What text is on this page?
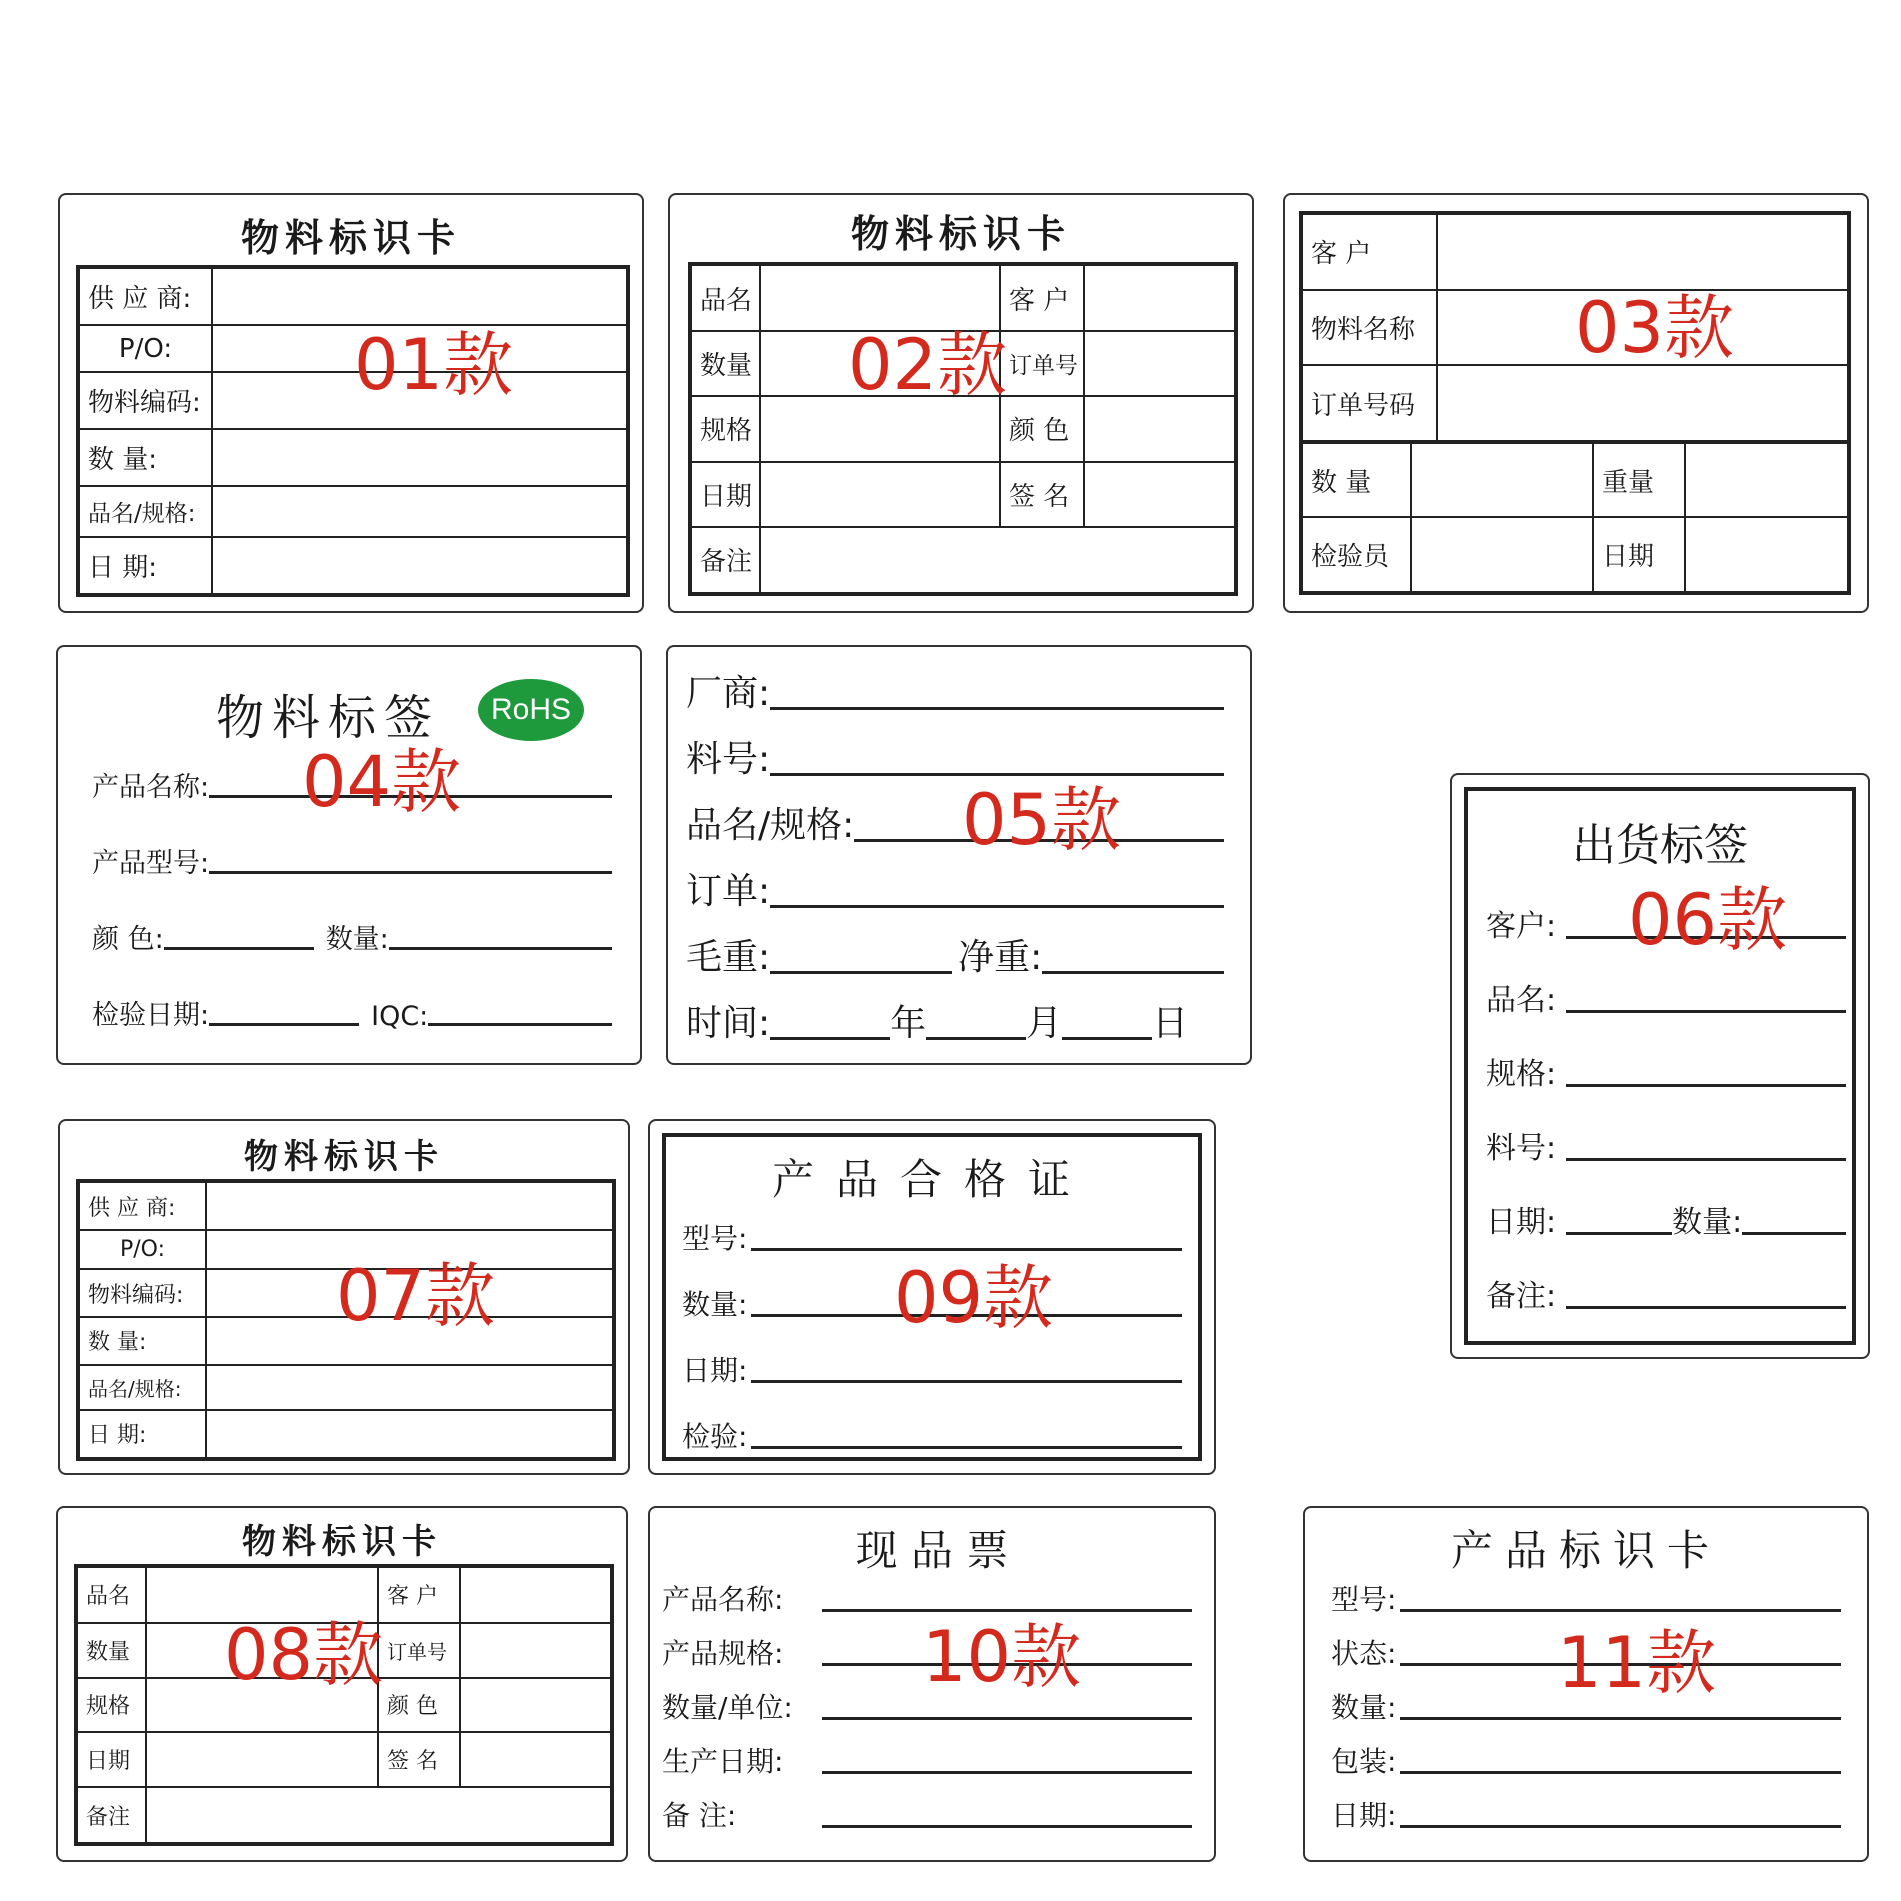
物料标识卡
供 应 商:	
P/O:	
物料编码:	
数 量:	
品名/规格:	
日 期:	
01款
物料标识卡
品名		客 户	
数量		订单号	
规格		颜 色	
日期		签 名	
备注			
02款
客 户	
物料名称	
订单号码	
数 量		重量	
检验员		日期	
03款
物料标签	RoHS
产品名称:
产品型号:
颜 色:	数量:
检验日期:	IQC:
04款
厂商:
料号:
品名/规格:
订单:
毛重:	净重:
时间:	年	月	日
05款	出货标签
客户:
品名:
规格:
料号:
日期:	数量:
备注:
06款
物料标识卡
供 应 商:	
P/O:	
物料编码:	
数 量:	
品名/规格:	
日 期:	
07款
产品合格证
型号:
数量:
日期:
检验:
09款
物料标识卡
品名		客 户	
数量		订单号	
规格		颜 色	
日期		签 名	
备注			
08款
现 品 票
产品名称:
产品规格:
数量/单位:
生产日期:
备 注:
10款
产品标识卡
型号:
状态:
数量:
包装:
日期:
11款
